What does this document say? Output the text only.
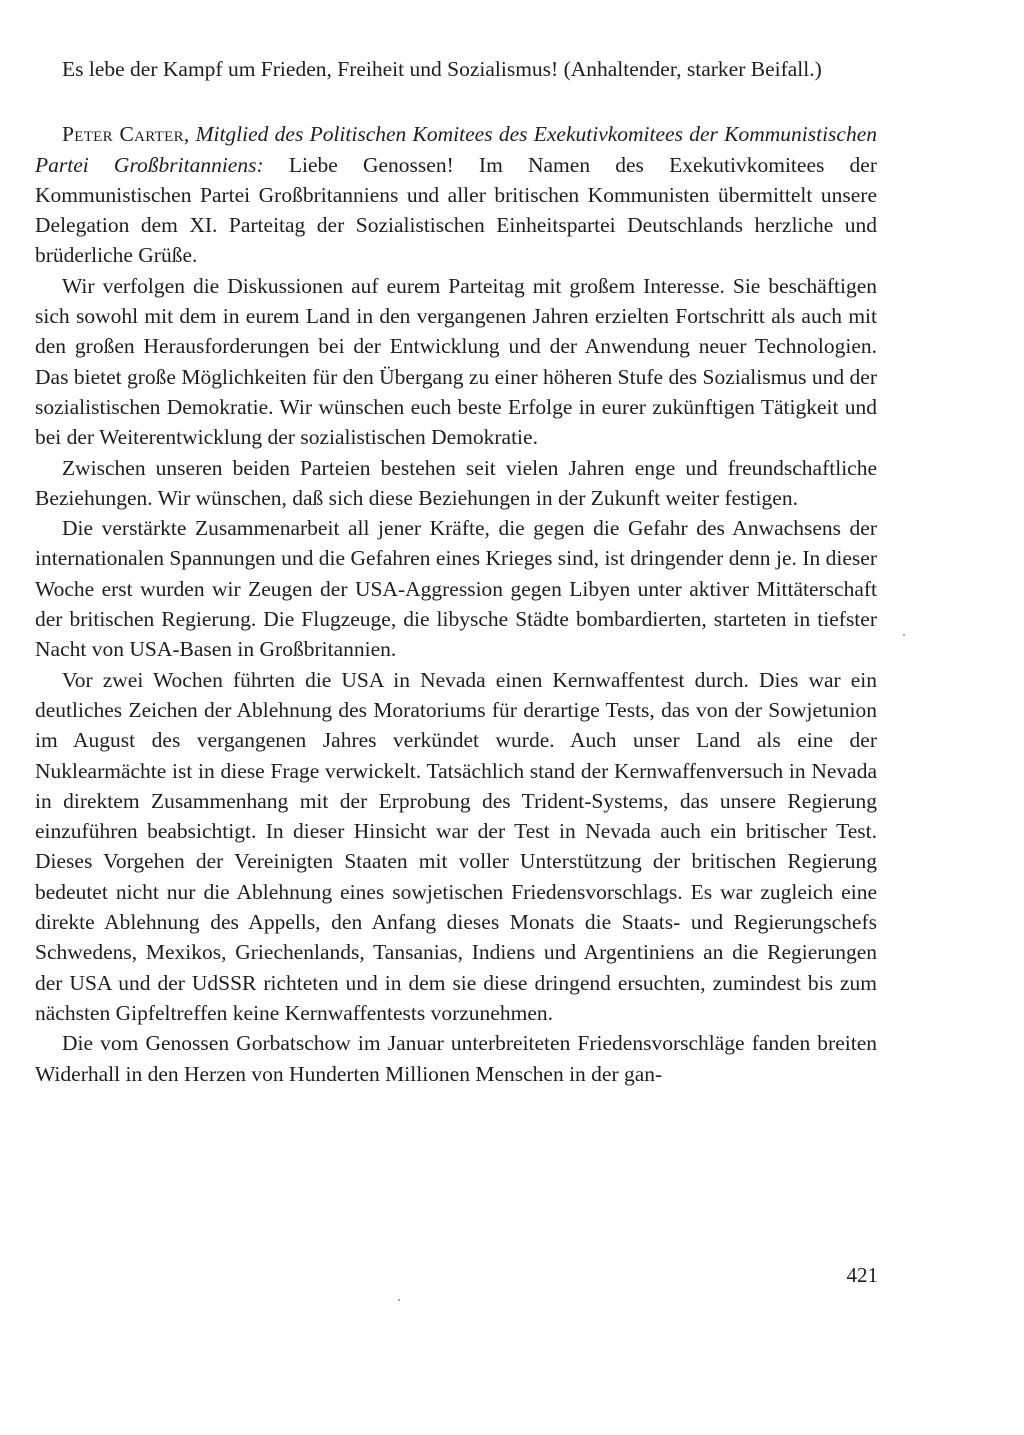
Es lebe der Kampf um Frieden, Freiheit und Sozialismus! (Anhaltender, starker Beifall.)

Peter Carter, Mitglied des Politischen Komitees des Exekutivkomitees der Kommunistischen Partei Großbritanniens: Liebe Genossen! Im Namen des Exekutivkomitees der Kommunistischen Partei Großbritanniens und aller britischen Kommunisten übermittelt unsere Delegation dem XI. Parteitag der Sozialistischen Einheitspartei Deutschlands herzliche und brüderliche Grüße.

Wir verfolgen die Diskussionen auf eurem Parteitag mit großem Interesse. Sie beschäftigen sich sowohl mit dem in eurem Land in den vergangenen Jahren erzielten Fortschritt als auch mit den großen Herausforderungen bei der Entwicklung und der Anwendung neuer Technologien. Das bietet große Möglichkeiten für den Übergang zu einer höheren Stufe des Sozialismus und der sozialistischen Demokratie. Wir wünschen euch beste Erfolge in eurer zukünftigen Tätigkeit und bei der Weiterentwicklung der sozialistischen Demokratie.

Zwischen unseren beiden Parteien bestehen seit vielen Jahren enge und freundschaftliche Beziehungen. Wir wünschen, daß sich diese Beziehungen in der Zukunft weiter festigen.

Die verstärkte Zusammenarbeit all jener Kräfte, die gegen die Gefahr des Anwachsens der internationalen Spannungen und die Gefahren eines Krieges sind, ist dringender denn je. In dieser Woche erst wurden wir Zeugen der USA-Aggression gegen Libyen unter aktiver Mittäterschaft der britischen Regierung. Die Flugzeuge, die libysche Städte bombardierten, starteten in tiefster Nacht von USA-Basen in Großbritannien.

Vor zwei Wochen führten die USA in Nevada einen Kernwaffentest durch. Dies war ein deutliches Zeichen der Ablehnung des Moratoriums für derartige Tests, das von der Sowjetunion im August des vergangenen Jahres verkündet wurde. Auch unser Land als eine der Nuklearmächte ist in diese Frage verwickelt. Tatsächlich stand der Kernwaffenversuch in Nevada in direktem Zusammenhang mit der Erprobung des Trident-Systems, das unsere Regierung einzuführen beabsichtigt. In dieser Hinsicht war der Test in Nevada auch ein britischer Test. Dieses Vorgehen der Vereinigten Staaten mit voller Unterstützung der britischen Regierung bedeutet nicht nur die Ablehnung eines sowjetischen Friedensvorschlags. Es war zugleich eine direkte Ablehnung des Appells, den Anfang dieses Monats die Staats- und Regierungschefs Schwedens, Mexikos, Griechenlands, Tansanias, Indiens und Argentiniens an die Regierungen der USA und der UdSSR richteten und in dem sie diese dringend ersuchten, zumindest bis zum nächsten Gipfeltreffen keine Kernwaffentests vorzunehmen.

Die vom Genossen Gorbatschow im Januar unterbreiteten Friedensvorschläge fanden breiten Widerhall in den Herzen von Hunderten Millionen Menschen in der gan-

421
